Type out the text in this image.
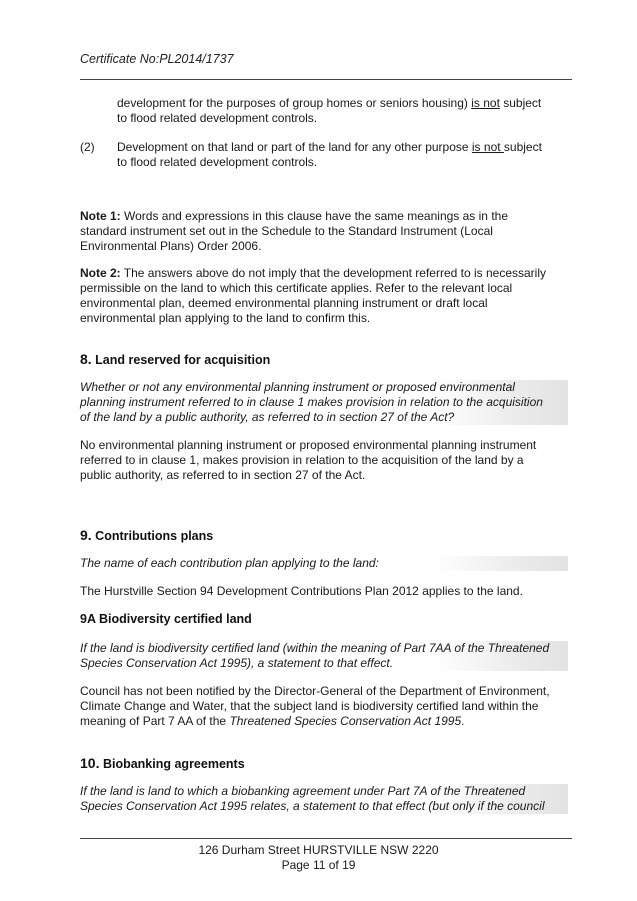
Certificate No:PL2014/1737
development for the purposes of group homes or seniors housing) is not subject
to flood related development controls.
(2) Development on that land or part of the land for any other purpose is not subject
to flood related development controls.
Note 1: Words and expressions in this clause have the same meanings as in the
standard instrument set out in the Schedule to the Standard Instrument (Local
Environmental Plans) Order 2006.
Note 2: The answers above do not imply that the development referred to is necessarily
permissible on the land to which this certificate applies. Refer to the relevant local
environmental plan, deemed environmental planning instrument or draft local
environmental plan applying to the land to confirm this.
8. Land reserved for acquisition
Whether or not any environmental planning instrument or proposed environmental
planning instrument referred to in clause 1 makes provision in relation to the acquisition
of the land by a public authority, as referred to in section 27 of the Act?
No environmental planning instrument or proposed environmental planning instrument
referred to in clause 1, makes provision in relation to the acquisition of the land by a
public authority, as referred to in section 27 of the Act.
9. Contributions plans
The name of each contribution plan applying to the land:
The Hurstville Section 94 Development Contributions Plan 2012 applies to the land.
9A Biodiversity certified land
If the land is biodiversity certified land (within the meaning of Part 7AA of the Threatened
Species Conservation Act 1995), a statement to that effect.
Council has not been notified by the Director-General of the Department of Environment,
Climate Change and Water, that the subject land is biodiversity certified land within the
meaning of Part 7 AA of the Threatened Species Conservation Act 1995.
10. Biobanking agreements
If the land is land to which a biobanking agreement under Part 7A of the Threatened
Species Conservation Act 1995 relates, a statement to that effect (but only if the council
126 Durham Street HURSTVILLE NSW 2220
Page 11 of 19
